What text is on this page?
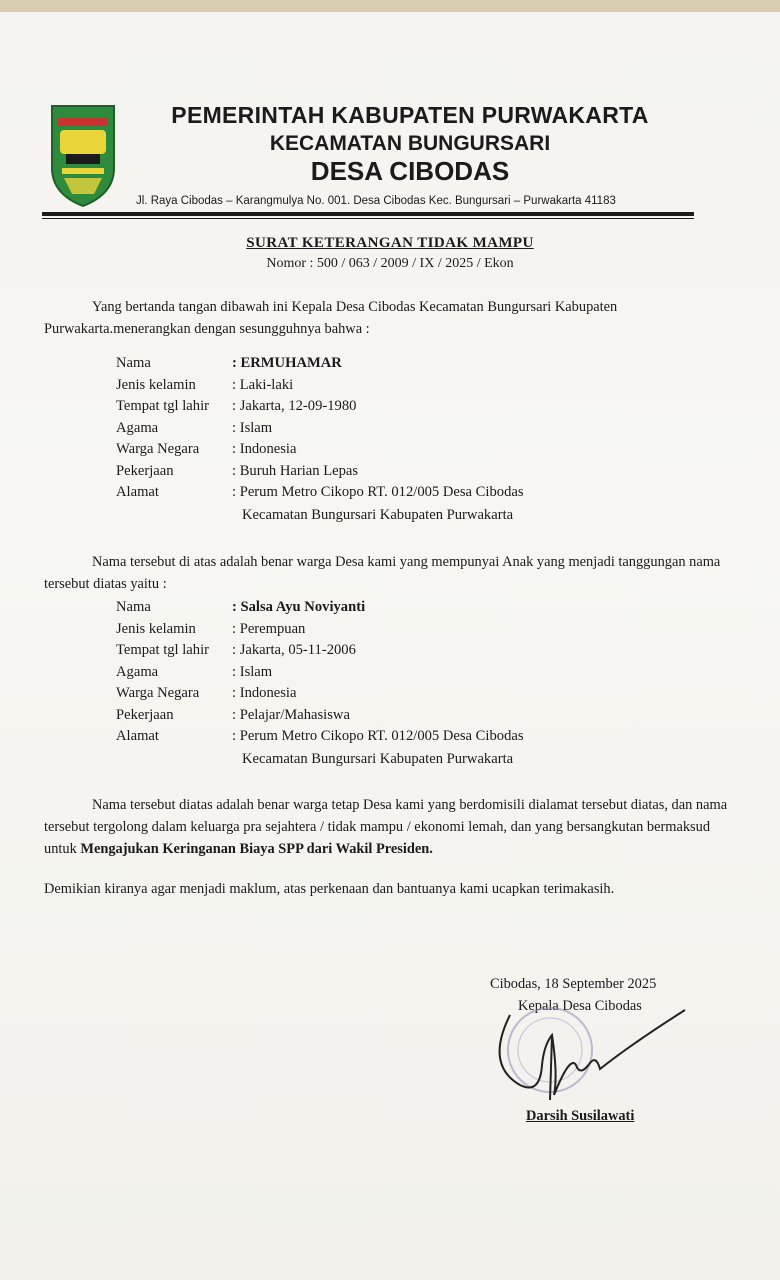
PEMERINTAH KABUPATEN PURWAKARTA
KECAMATAN BUNGURSARI
DESA CIBODAS
Jl. Raya Cibodas – Karangmulya No. 001. Desa Cibodas Kec. Bungursari – Purwakarta 41183
SURAT KETERANGAN TIDAK MAMPU
Nomor : 500 / 063 / 2009 / IX / 2025 / Ekon
Yang bertanda tangan dibawah ini Kepala Desa Cibodas Kecamatan Bungursari Kabupaten Purwakarta.menerangkan dengan sesungguhnya bahwa :
Nama	: ERMUHAMAR
Jenis kelamin	: Laki-laki
Tempat tgl lahir	: Jakarta, 12-09-1980
Agama	: Islam
Warga Negara	: Indonesia
Pekerjaan	: Buruh Harian Lepas
Alamat	: Perum Metro Cikopo RT. 012/005 Desa Cibodas
Kecamatan Bungursari Kabupaten Purwakarta
Nama tersebut di atas adalah benar warga Desa kami yang mempunyai Anak yang menjadi tanggungan nama tersebut diatas yaitu :
Nama	: Salsa Ayu Noviyanti
Jenis kelamin	: Perempuan
Tempat tgl lahir	: Jakarta, 05-11-2006
Agama	: Islam
Warga Negara	: Indonesia
Pekerjaan	: Pelajar/Mahasiswa
Alamat	: Perum Metro Cikopo RT. 012/005 Desa Cibodas
Kecamatan Bungursari Kabupaten Purwakarta
Nama tersebut diatas adalah benar warga tetap Desa kami yang berdomisili dialamat tersebut diatas, dan nama tersebut tergolong dalam keluarga pra sejahtera / tidak mampu / ekonomi lemah, dan yang bersangkutan bermaksud untuk Mengajukan Keringanan Biaya SPP dari Wakil Presiden.
Demikian kiranya agar menjadi maklum, atas perkenaan dan bantuanya kami ucapkan terimakasih.
Cibodas, 18 September 2025
Kepala Desa Cibodas
Darsih Susilawati
